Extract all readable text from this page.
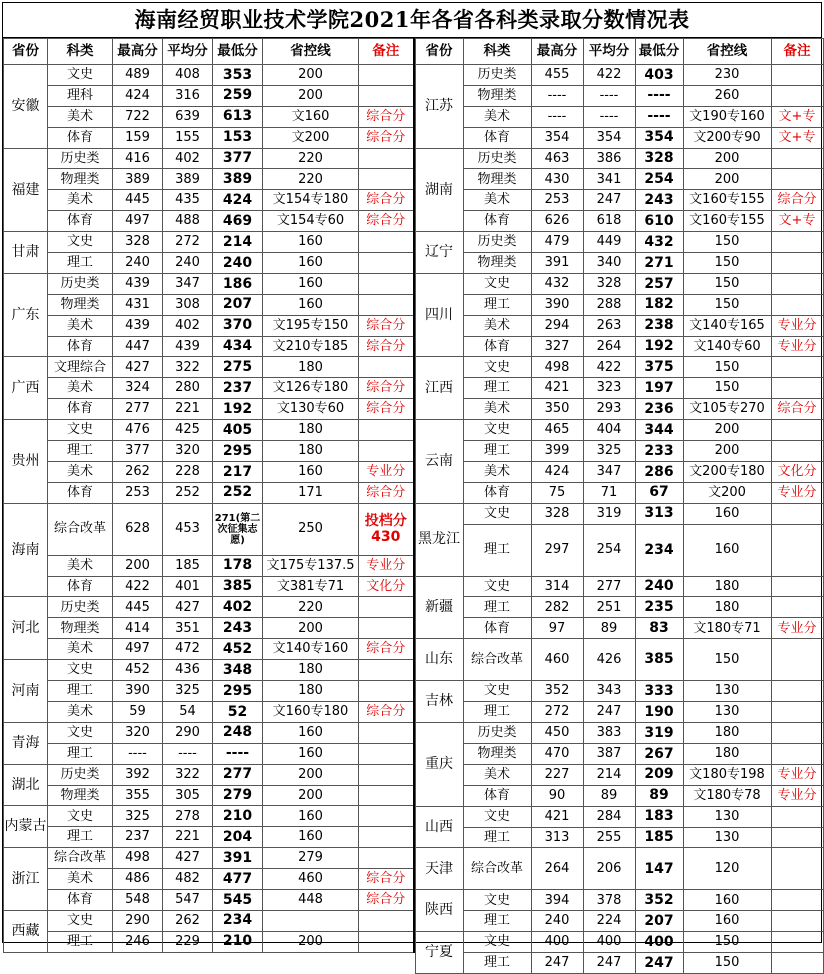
海南经贸职业技术学院2021年各省各科类录取分数情况表
省份	科类	最高分	平均分	最低分	省控线	备注
安徽	文史	489	408	353	200	
	理科	424	316	259	200	
	美术	722	639	613	文160	综合分
	体育	159	155	153	文200	综合分
福建	历史类	416	402	377	220	
	物理类	389	389	389	220	
	美术	445	435	424	文154专180	综合分
	体育	497	488	469	文154专60	综合分
甘肃	文史	328	272	214	160	
	理工	240	240	240	160	
广东	历史类	439	347	186	160	
	物理类	431	308	207	160	
	美术	439	402	370	文195专150	综合分
	体育	447	439	434	文210专185	综合分
广西	文理综合	427	322	275	180	
	美术	324	280	237	文126专180	综合分
	体育	277	221	192	文130专60	综合分
贵州	文史	476	425	405	180	
	理工	377	320	295	180	
	美术	262	228	217	160	专业分
	体育	253	252	252	171	综合分
海南	综合改革	628	453	271(第二次征集志愿)	250	投档分430
	美术	200	185	178	文175专137.5	专业分
	体育	422	401	385	文381专71	文化分
河北	历史类	445	427	402	220	
	物理类	414	351	243	200	
	美术	497	472	452	文140专160	综合分
河南	文史	452	436	348	180	
	理工	390	325	295	180	
	美术	59	54	52	文160专180	综合分
青海	文史	320	290	248	160	
	理工	----	----	----	160	
湖北	历史类	392	322	277	200	
	物理类	355	305	279	200	
内蒙古	文史	325	278	210	160	
	理工	237	221	204	160	
浙江	综合改革	498	427	391	279	
	美术	486	482	477	460	综合分
	体育	548	547	545	448	综合分
西藏	文史	290	262	234		
	理工	246	229	210	200	
省份	科类	最高分	平均分	最低分	省控线	备注
江苏	历史类	455	422	403	230	
	物理类	----	----	----	260	
	美术	----	----	----	文190专160	文+专
	体育	354	354	354	文200专90	文+专
湖南	历史类	463	386	328	200	
	物理类	430	341	254	200	
	美术	253	247	243	文160专155	综合分
	体育	626	618	610	文160专155	文+专
辽宁	历史类	479	449	432	150	
	物理类	391	340	271	150	
四川	文史	432	328	257	150	
	理工	390	288	182	150	
	美术	294	263	238	文140专165	专业分
	体育	327	264	192	文140专60	专业分
江西	文史	498	422	375	150	
	理工	421	323	197	150	
	美术	350	293	236	文105专270	综合分
云南	文史	465	404	344	200	
	理工	399	325	233	200	
	美术	424	347	286	文200专180	文化分
	体育	75	71	67	文200	专业分
黑龙江	文史	328	319	313	160	
	理工	297	254	234	160	
新疆	文史	314	277	240	180	
	理工	282	251	235	180	
	体育	97	89	83	文180专71	专业分
山东	综合改革	460	426	385	150	
吉林	文史	352	343	333	130	
	理工	272	247	190	130	
重庆	历史类	450	383	319	180	
	物理类	470	387	267	180	
	美术	227	214	209	文180专198	专业分
	体育	90	89	89	文180专78	专业分
山西	文史	421	284	183	130	
	理工	313	255	185	130	
天津	综合改革	264	206	147	120	
陕西	文史	394	378	352	160	
	理工	240	224	207	160	
宁夏	文史	400	400	400	150	
	理工	247	247	247	150	
